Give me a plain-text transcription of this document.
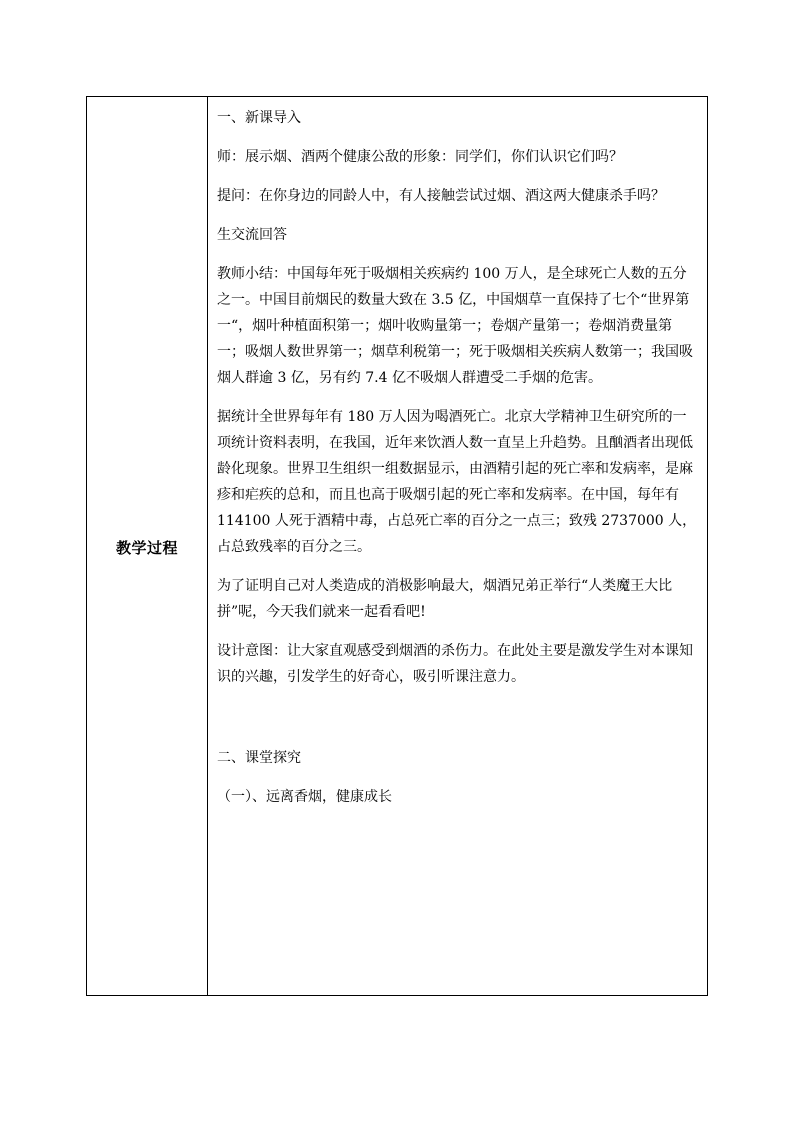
教学过程

一、新课导入

师：展示烟、酒两个健康公敌的形象：同学们，你们认识它们吗？

提问：在你身边的同龄人中，有人接触尝试过烟、酒这两大健康杀手吗？

生交流回答

教师小结：中国每年死于吸烟相关疾病约 100 万人，是全球死亡人数的五分之一。中国目前烟民的数量大致在 3.5 亿，中国烟草一直保持了七个“世界第一“，烟叶种植面积第一；烟叶收购量第一；卷烟产量第一；卷烟消费量第一；吸烟人数世界第一；烟草利税第一；死于吸烟相关疾病人数第一；我国吸烟人群逾 3 亿，另有约 7.4 亿不吸烟人群遭受二手烟的危害。

据统计全世界每年有 180 万人因为喝酒死亡。北京大学精神卫生研究所的一项统计资料表明，在我国，近年来饮酒人数一直呈上升趋势。且酗酒者出现低龄化现象。世界卫生组织一组数据显示，由酒精引起的死亡率和发病率，是麻疹和疟疾的总和，而且也高于吸烟引起的死亡率和发病率。在中国，每年有 114100 人死于酒精中毒，占总死亡率的百分之一点三；致残 2737000 人，占总致残率的百分之三。

为了证明自己对人类造成的消极影响最大，烟酒兄弟正举行“人类魔王大比拼”呢，今天我们就来一起看看吧!

设计意图：让大家直观感受到烟酒的杀伤力。在此处主要是激发学生对本课知识的兴趣，引发学生的好奇心，吸引听课注意力。

二、课堂探究

（一）、远离香烟，健康成长
